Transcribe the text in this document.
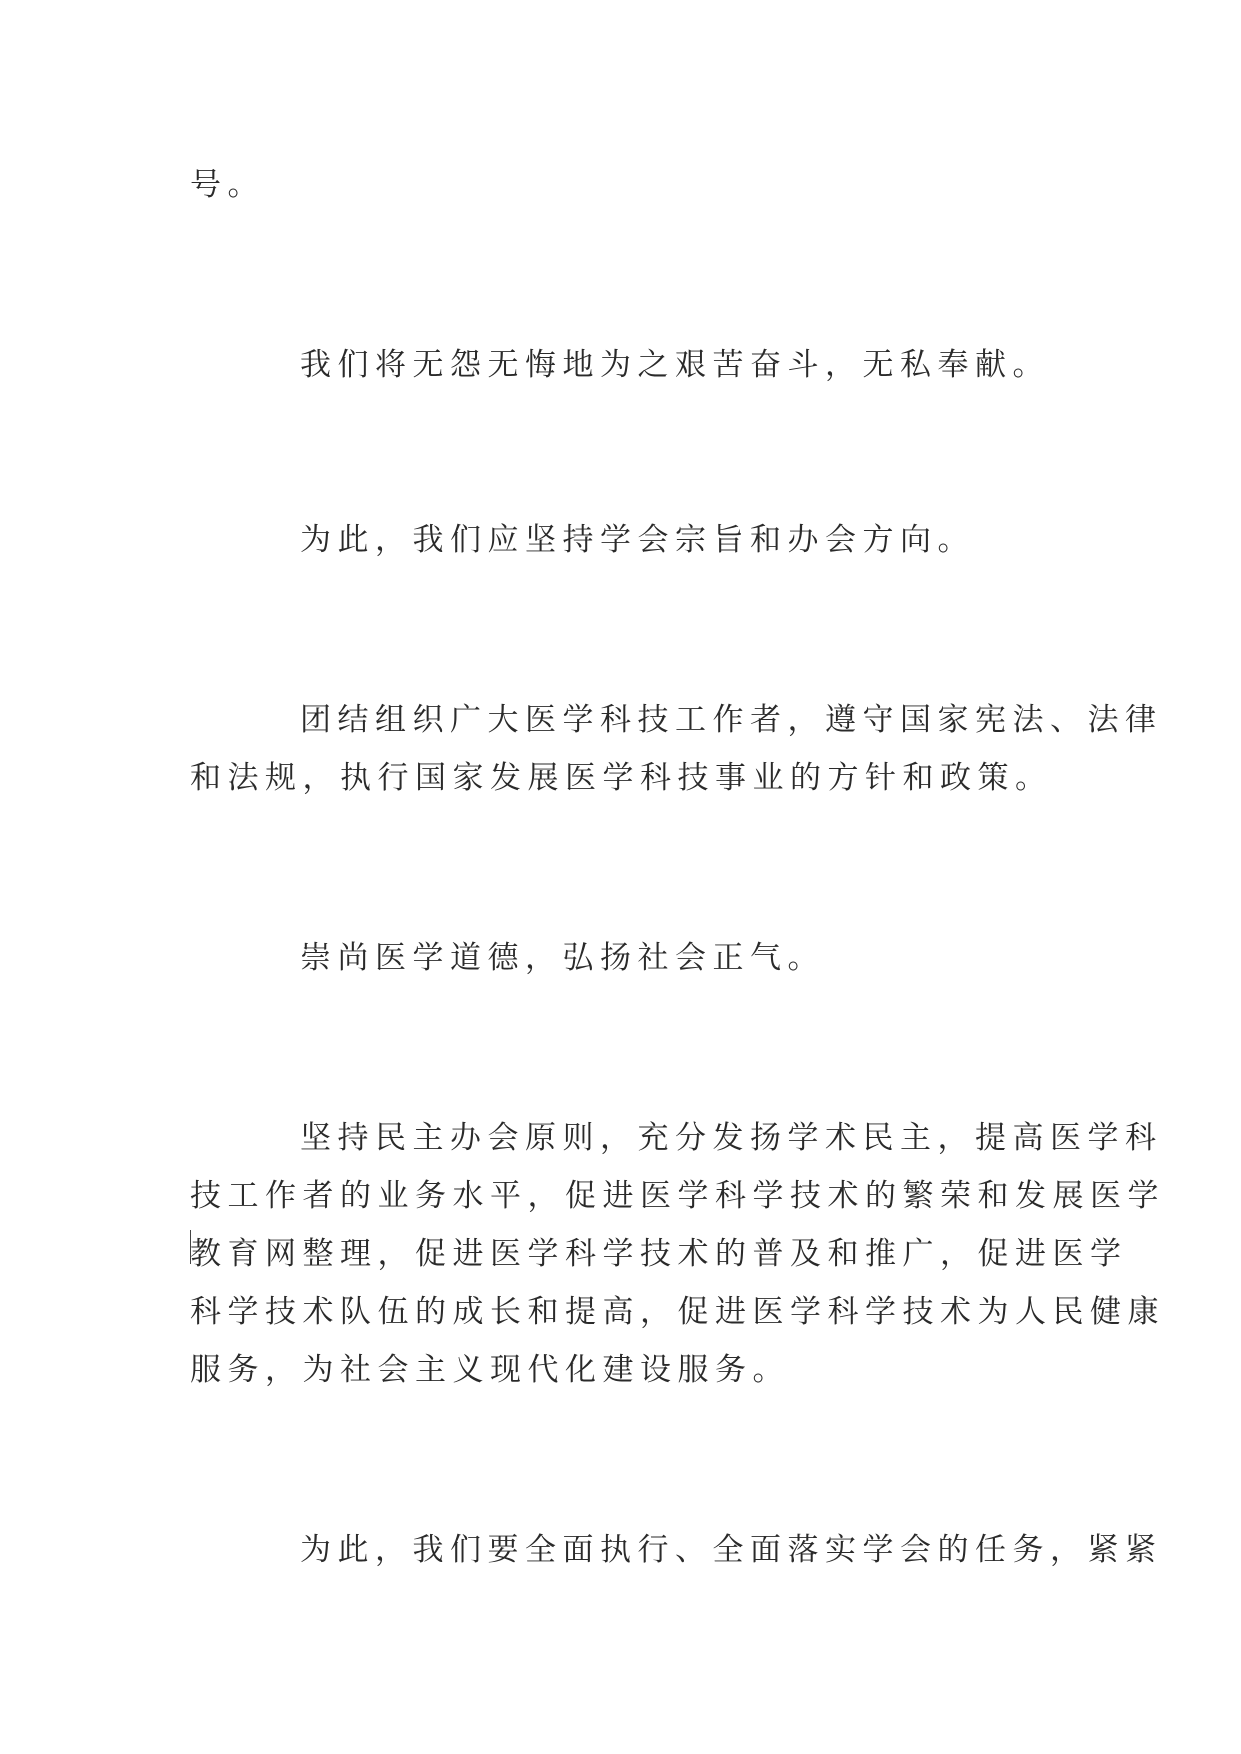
号。
我们将无怨无悔地为之艰苦奋斗，无私奉献。
为此，我们应坚持学会宗旨和办会方向。
团结组织广大医学科技工作者，遵守国家宪法、法律
和法规，执行国家发展医学科技事业的方针和政策。
崇尚医学道德，弘扬社会正气。
坚持民主办会原则，充分发扬学术民主，提高医学科
技工作者的业务水平，促进医学科学技术的繁荣和发展医学
教育网整理，促进医学科学技术的普及和推广，促进医学
科学技术队伍的成长和提高，促进医学科学技术为人民健康
服务，为社会主义现代化建设服务。
为此，我们要全面执行、全面落实学会的任务，紧紧
